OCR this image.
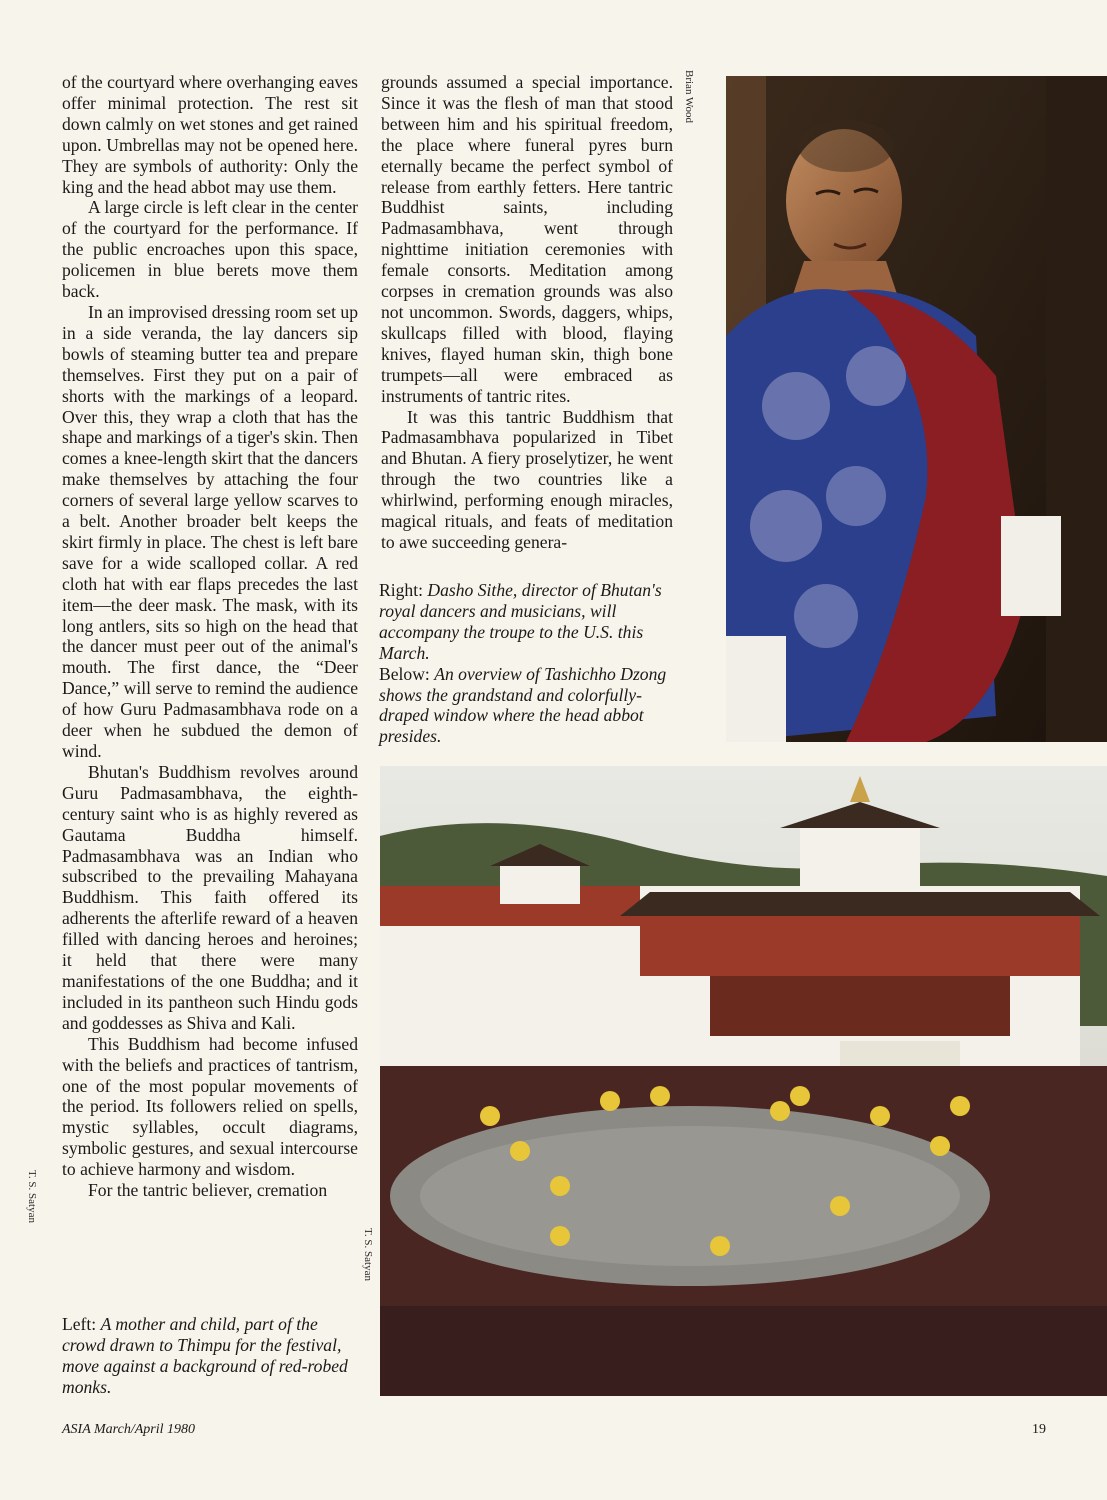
of the courtyard where overhanging eaves offer minimal protection. The rest sit down calmly on wet stones and get rained upon. Umbrellas may not be opened here. They are symbols of authority: Only the king and the head abbot may use them.

A large circle is left clear in the center of the courtyard for the performance. If the public encroaches upon this space, policemen in blue berets move them back.

In an improvised dressing room set up in a side veranda, the lay dancers sip bowls of steaming butter tea and prepare themselves. First they put on a pair of shorts with the markings of a leopard. Over this, they wrap a cloth that has the shape and markings of a tiger's skin. Then comes a knee-length skirt that the dancers make themselves by attaching the four corners of several large yellow scarves to a belt. Another broader belt keeps the skirt firmly in place. The chest is left bare save for a wide scalloped collar. A red cloth hat with ear flaps precedes the last item—the deer mask. The mask, with its long antlers, sits so high on the head that the dancer must peer out of the animal's mouth. The first dance, the “Deer Dance,” will serve to remind the audience of how Guru Padmasambhava rode on a deer when he subdued the demon of wind.

Bhutan's Buddhism revolves around Guru Padmasambhava, the eighth-century saint who is as highly revered as Gautama Buddha himself. Padmasambhava was an Indian who subscribed to the prevailing Mahayana Buddhism. This faith offered its adherents the afterlife reward of a heaven filled with dancing heroes and heroines; it held that there were many manifestations of the one Buddha; and it included in its pantheon such Hindu gods and goddesses as Shiva and Kali.

This Buddhism had become infused with the beliefs and practices of tantrism, one of the most popular movements of the period. Its followers relied on spells, mystic syllables, occult diagrams, symbolic gestures, and sexual intercourse to achieve harmony and wisdom.

For the tantric believer, cremation

Left: A mother and child, part of the crowd drawn to Thimpu for the festival, move against a background of red-robed monks.
T. S. Satyan

grounds assumed a special importance. Since it was the flesh of man that stood between him and his spiritual freedom, the place where funeral pyres burn eternally became the perfect symbol of release from earthly fetters. Here tantric Buddhist saints, including Padmasambhava, went through nighttime initiation ceremonies with female consorts. Meditation among corpses in cremation grounds was also not uncommon. Swords, daggers, whips, skullcaps filled with blood, flaying knives, flayed human skin, thigh bone trumpets—all were embraced as instruments of tantric rites.

It was this tantric Buddhism that Padmasambhava popularized in Tibet and Bhutan. A fiery proselytizer, he went through the two countries like a whirlwind, performing enough miracles, magical rituals, and feats of meditation to awe succeeding genera-

Right: Dasho Sithe, director of Bhutan's royal dancers and musicians, will accompany the troupe to the U.S. this March.
Below: An overview of Tashichho Dzong shows the grandstand and colorfully-draped window where the head abbot presides.
Brian Wood
T. S. Satyan
ASIA March/April 1980	19
